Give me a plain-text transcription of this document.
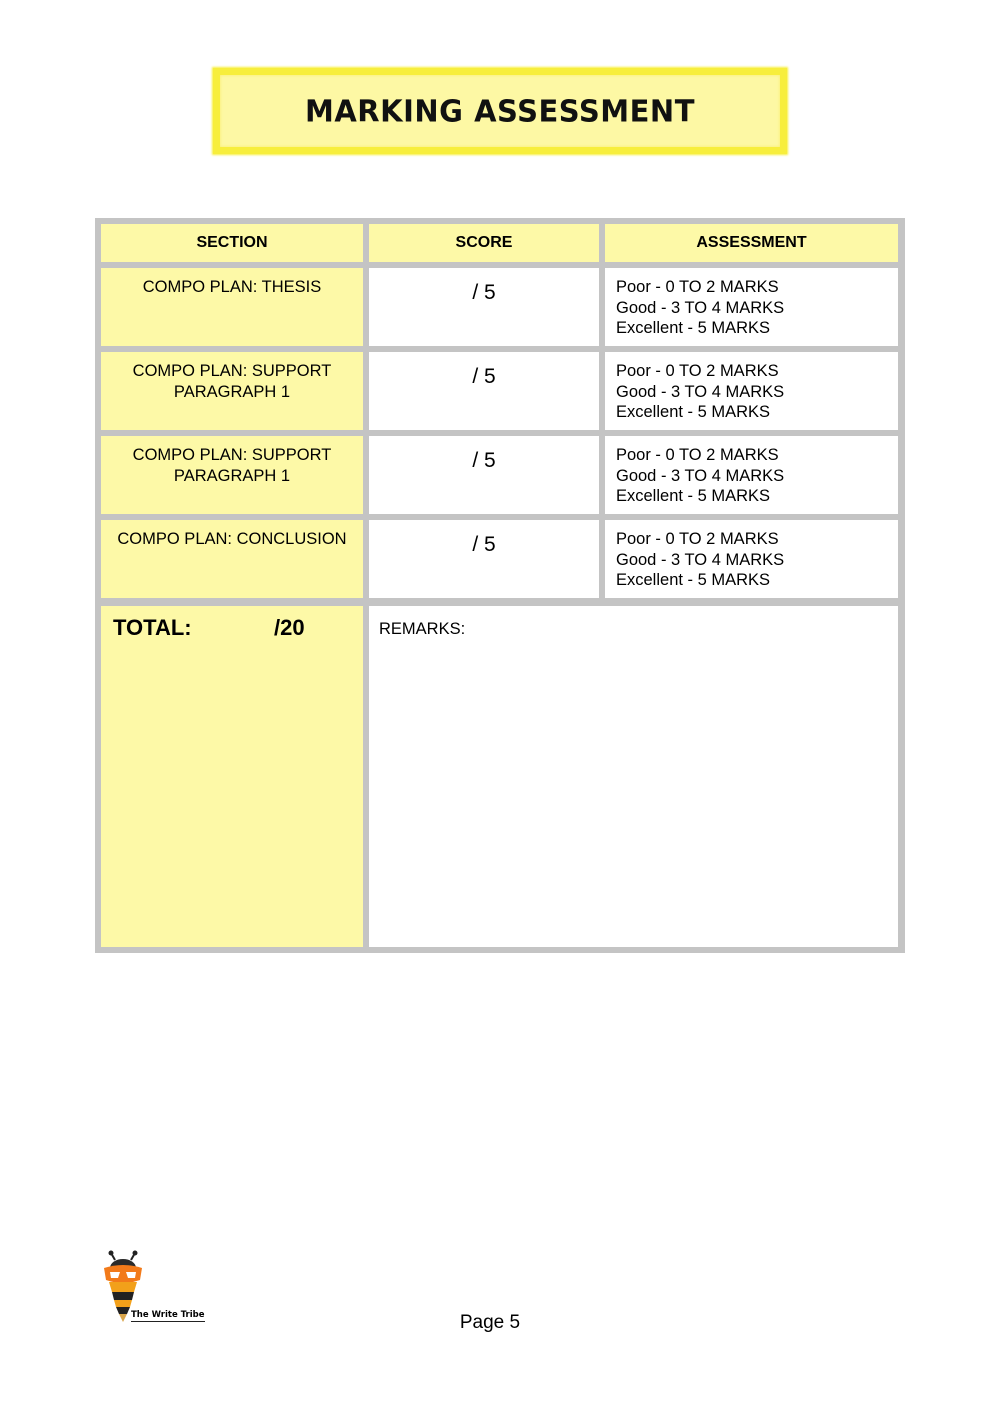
MARKING ASSESSMENT
SECTION	SCORE	ASSESSMENT
COMPO PLAN: THESIS	/ 5	Poor - 0 TO 2 MARKS
Good - 3 TO 4 MARKS
Excellent - 5 MARKS
COMPO PLAN: SUPPORT
PARAGRAPH 1
/ 5	Poor - 0 TO 2 MARKS
Good - 3 TO 4 MARKS
Excellent - 5 MARKS
COMPO PLAN: SUPPORT
PARAGRAPH 1
/ 5	Poor - 0 TO 2 MARKS
Good - 3 TO 4 MARKS
Excellent - 5 MARKS
COMPO PLAN: CONCLUSION	/ 5	Poor - 0 TO 2 MARKS
Good - 3 TO 4 MARKS
Excellent - 5 MARKS
TOTAL:	/20	REMARKS:
The Write Tribe	Page 5
